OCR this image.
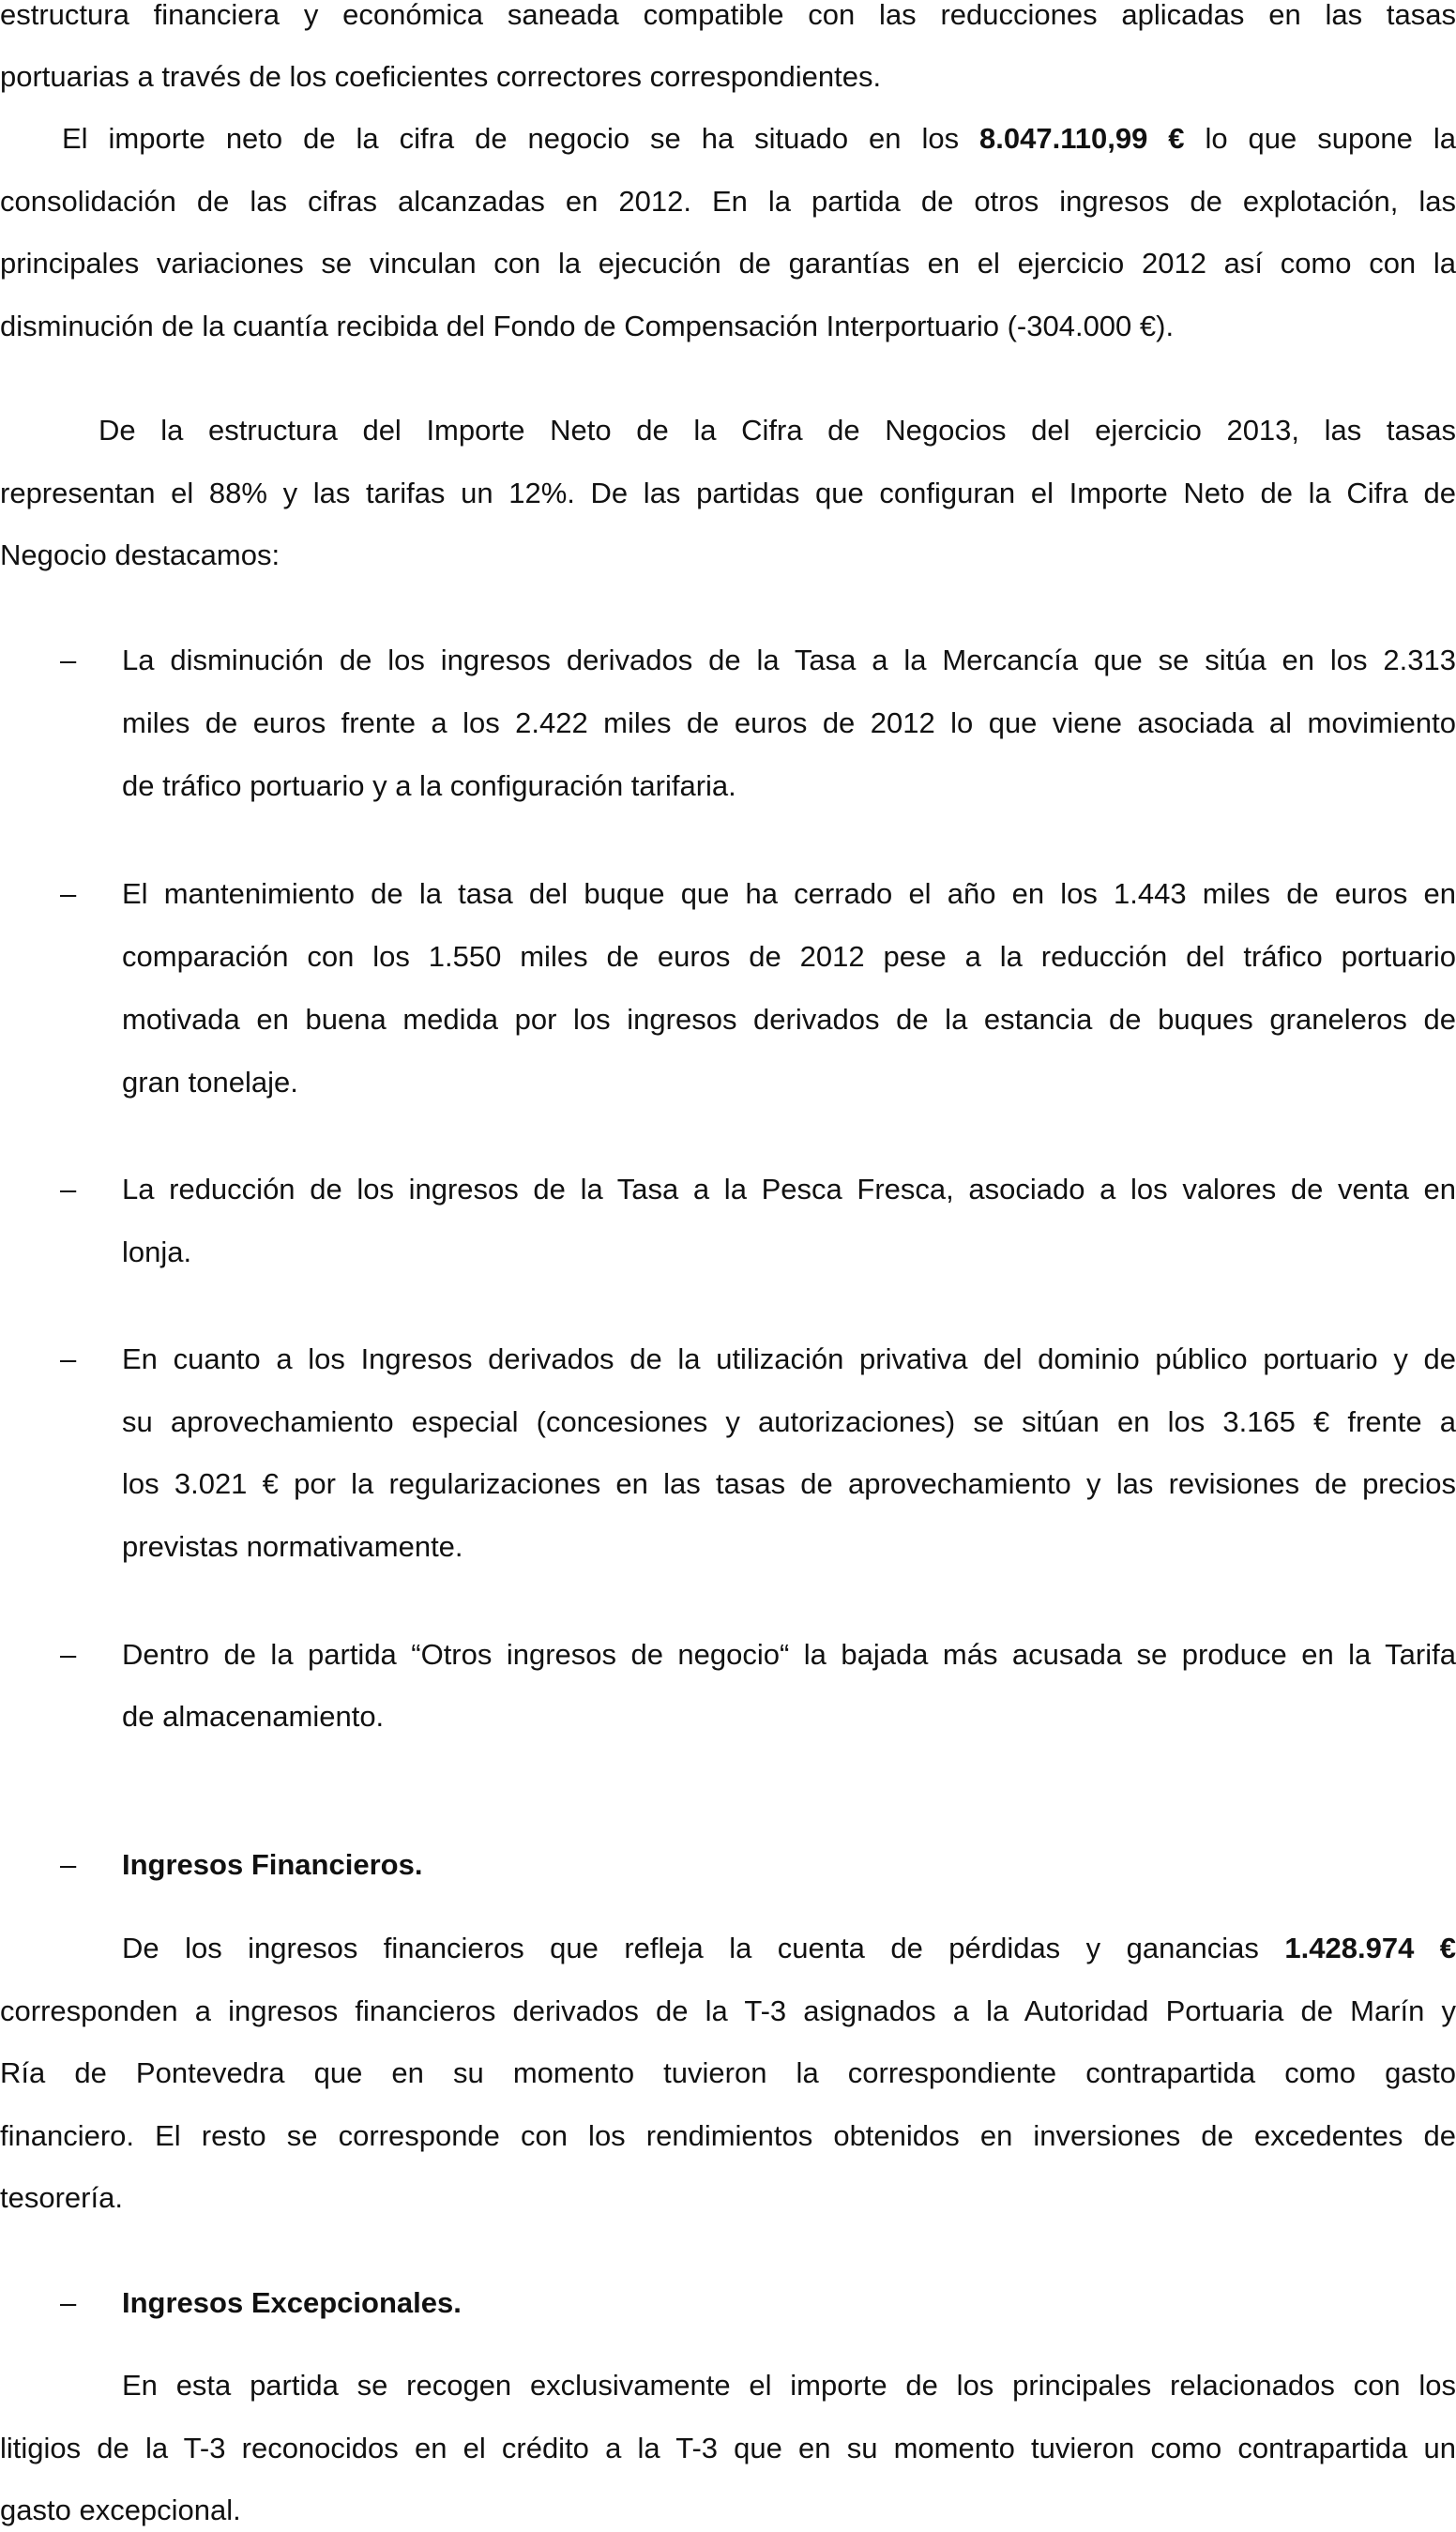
estructura financiera y económica saneada compatible con las reducciones aplicadas en las tasas
portuarias a través de los coeficientes correctores correspondientes.
El importe neto de la cifra de negocio se ha situado en los 8.047.110,99 € lo que supone la
consolidación de las cifras alcanzadas en 2012. En la partida de otros ingresos de explotación, las
principales variaciones se vinculan con la ejecución de garantías en el ejercicio 2012 así como con la
disminución de la cuantía recibida del Fondo de Compensación Interportuario (-304.000 €).
De la estructura del Importe Neto de la Cifra de Negocios del ejercicio 2013, las tasas
representan el 88% y las tarifas un 12%. De las partidas que configuran el Importe Neto de la Cifra de
Negocio destacamos:
– La disminución de los ingresos derivados de la Tasa a la Mercancía que se sitúa en los 2.313
miles de euros frente a los 2.422 miles de euros de 2012 lo que viene asociada al movimiento
de tráfico portuario y a la configuración tarifaria.
– El mantenimiento de la tasa del buque que ha cerrado el año en los 1.443 miles de euros en
comparación con los 1.550 miles de euros de 2012 pese a la reducción del tráfico portuario
motivada en buena medida por los ingresos derivados de la estancia de buques graneleros de
gran tonelaje.
– La reducción de los ingresos de la Tasa a la Pesca Fresca, asociado a los valores de venta en
lonja.
– En cuanto a los Ingresos derivados de la utilización privativa del dominio público portuario y de
su aprovechamiento especial (concesiones y autorizaciones) se sitúan en los 3.165 € frente a
los 3.021 € por la regularizaciones en las tasas de aprovechamiento y las revisiones de precios
previstas normativamente.
– Dentro de la partida “Otros ingresos de negocio“ la bajada más acusada se produce en la Tarifa
de almacenamiento.
– Ingresos Financieros.
De los ingresos financieros que refleja la cuenta de pérdidas y ganancias 1.428.974 €
corresponden a ingresos financieros derivados de la T-3 asignados a la Autoridad Portuaria de Marín y
Ría de Pontevedra que en su momento tuvieron la correspondiente contrapartida como gasto
financiero. El resto se corresponde con los rendimientos obtenidos en inversiones de excedentes de
tesorería.
– Ingresos Excepcionales.
En esta partida se recogen exclusivamente el importe de los principales relacionados con los
litigios de la T-3 reconocidos en el crédito a la T-3 que en su momento tuvieron como contrapartida un
gasto excepcional.
